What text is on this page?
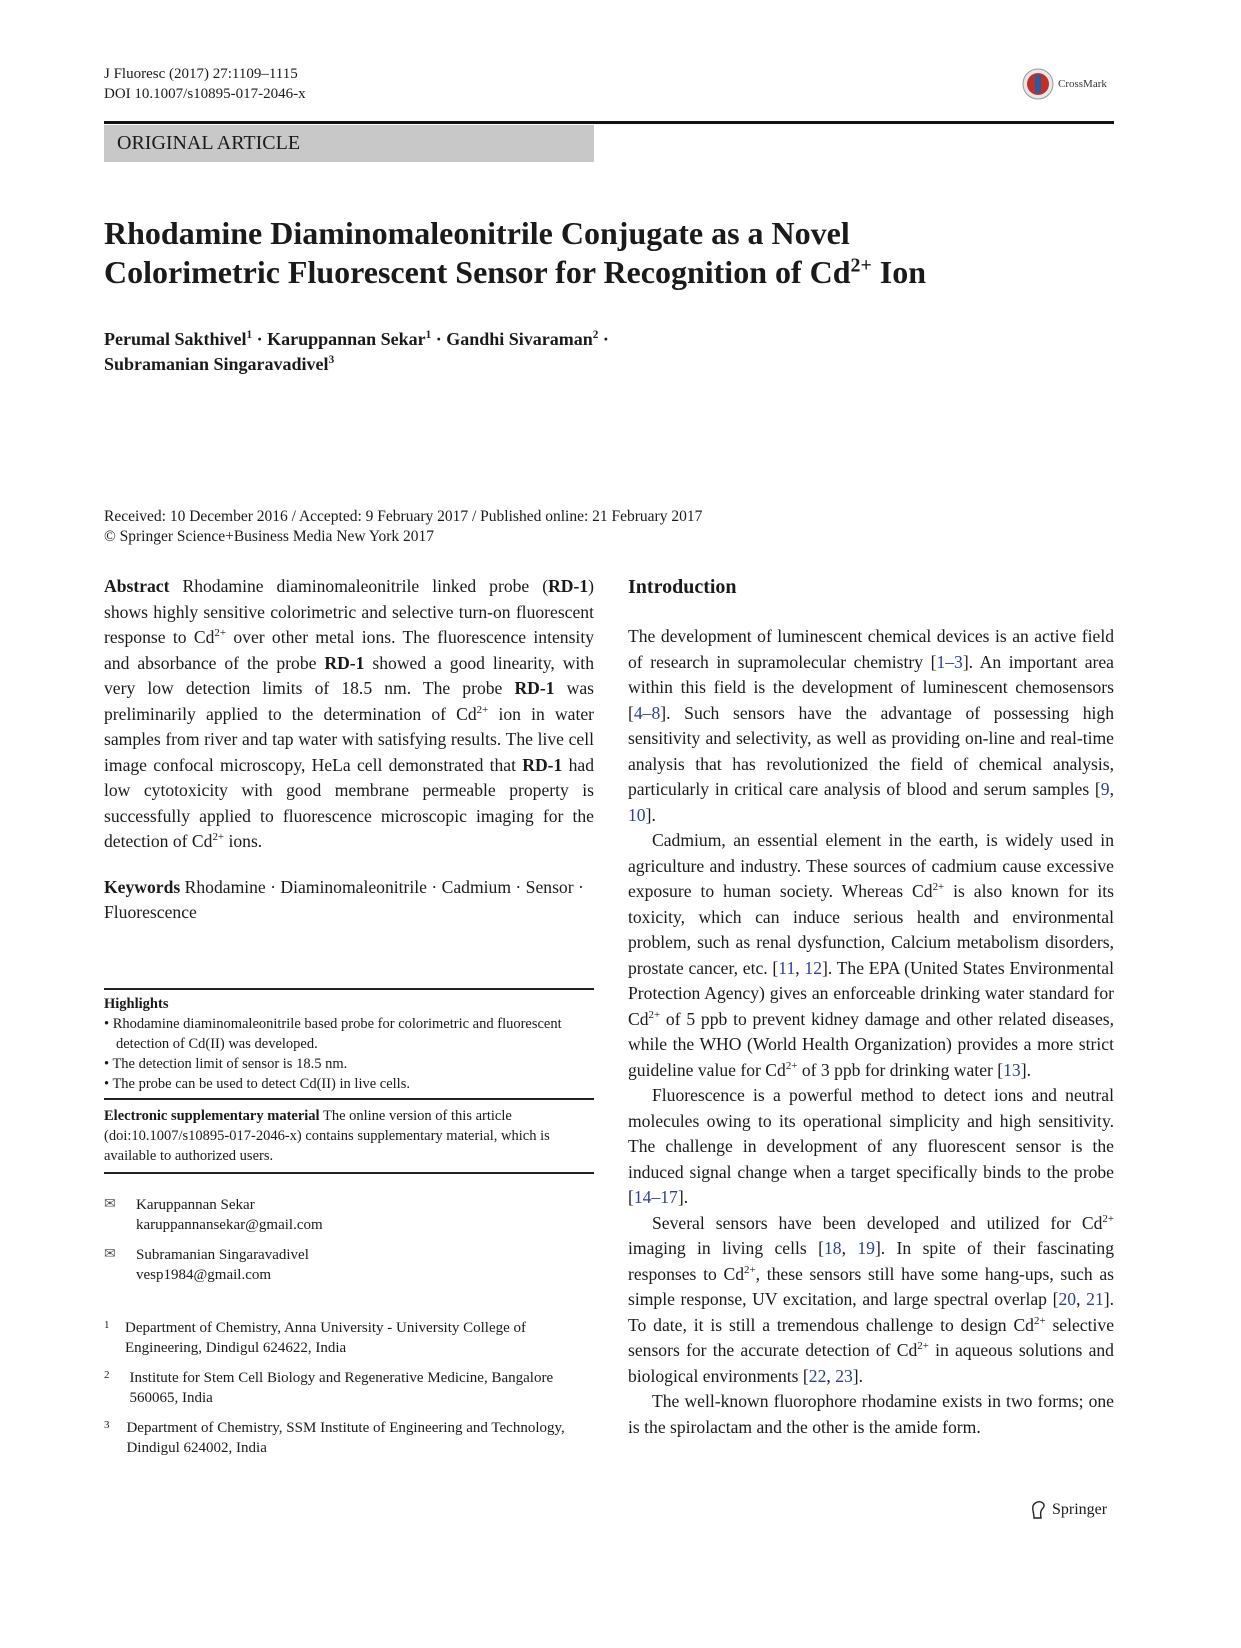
J Fluoresc (2017) 27:1109–1115
DOI 10.1007/s10895-017-2046-x
CrossMark
ORIGINAL ARTICLE
Rhodamine Diaminomaleonitrile Conjugate as a Novel
Colorimetric Fluorescent Sensor for Recognition of $Cd^{2+}$ Ion
Perumal Sakthivel$^1$ · Karuppannan Sekar$^1$ · Gandhi Sivaraman$^2$ ·
Subramanian Singaravadivel$^3$
Received: 10 December 2016 / Accepted: 9 February 2017 / Published online: 21 February 2017
© Springer Science+Business Media New York 2017

Abstract Rhodamine diaminomaleonitrile linked probe (RD-1) shows highly sensitive colorimetric and selective turn-on fluorescent response to $Cd^{2+}$ over other metal ions. The fluorescence intensity and absorbance of the probe RD-1 showed a good linearity, with very low detection limits of 18.5 nm. The probe RD-1 was preliminarily applied to the determination of $Cd^{2+}$ ion in water samples from river and tap water with satisfying results. The live cell image confocal microscopy, HeLa cell demonstrated that RD-1 had low cytotoxicity with good membrane permeable property is successfully applied to fluorescence microscopic imaging for the detection of $Cd^{2+}$ ions.

Keywords Rhodamine · Diaminomaleonitrile · Cadmium · Sensor · Fluorescence

Highlights
• Rhodamine diaminomaleonitrile based probe for colorimetric and fluorescent detection of Cd(II) was developed.
• The detection limit of sensor is 18.5 nm.
• The probe can be used to detect Cd(II) in live cells.
Electronic supplementary material The online version of this article (doi:10.1007/s10895-017-2046-x) contains supplementary material, which is available to authorized users.
✉	Karuppannan Sekar
karuppannansekar@gmail.com
✉	Subramanian Singaravadivel
vesp1984@gmail.com
1	Department of Chemistry, Anna University - University College of Engineering, Dindigul 624622, India
2	Institute for Stem Cell Biology and Regenerative Medicine, Bangalore 560065, India
3	Department of Chemistry, SSM Institute of Engineering and Technology, Dindigul 624002, India
Introduction

The development of luminescent chemical devices is an active field of research in supramolecular chemistry [1–3]. An important area within this field is the development of luminescent chemosensors [4–8]. Such sensors have the advantage of possessing high sensitivity and selectivity, as well as providing on-line and real-time analysis that has revolutionized the field of chemical analysis, particularly in critical care analysis of blood and serum samples [9, 10].

Cadmium, an essential element in the earth, is widely used in agriculture and industry. These sources of cadmium cause excessive exposure to human society. Whereas $Cd^{2+}$ is also known for its toxicity, which can induce serious health and environmental problem, such as renal dysfunction, Calcium metabolism disorders, prostate cancer, etc. [11, 12]. The EPA (United States Environmental Protection Agency) gives an enforceable drinking water standard for $Cd^{2+}$ of 5 ppb to prevent kidney damage and other related diseases, while the WHO (World Health Organization) provides a more strict guideline value for $Cd^{2+}$ of 3 ppb for drinking water [13].

Fluorescence is a powerful method to detect ions and neutral molecules owing to its operational simplicity and high sensitivity. The challenge in development of any fluorescent sensor is the induced signal change when a target specifically binds to the probe [14–17].

Several sensors have been developed and utilized for $Cd^{2+}$ imaging in living cells [18, 19]. In spite of their fascinating responses to $Cd^{2+}$, these sensors still have some hang-ups, such as simple response, UV excitation, and large spectral overlap [20, 21]. To date, it is still a tremendous challenge to design $Cd^{2+}$ selective sensors for the accurate detection of $Cd^{2+}$ in aqueous solutions and biological environments [22, 23].

The well-known fluorophore rhodamine exists in two forms; one is the spirolactam and the other is the amide form.

Springer
